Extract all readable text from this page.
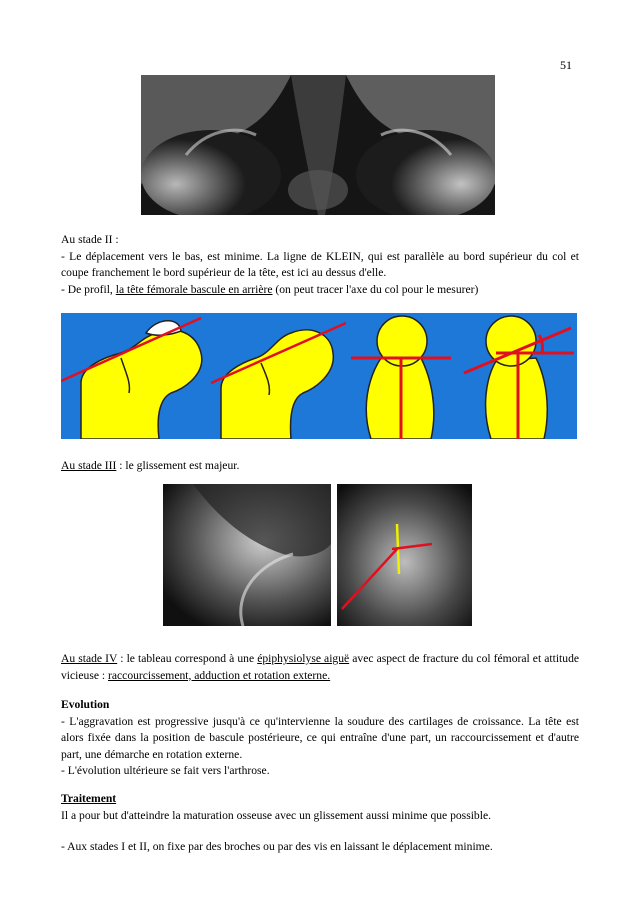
51
Au stade II :
- Le déplacement vers le bas, est minime. La ligne de KLEIN, qui est parallèle au bord supérieur du col et coupe franchement le bord supérieur de la tête, est ici au dessus d'elle.
- De profil, la tête fémorale bascule en arrière (on peut tracer l'axe du col pour le mesurer)
Au stade III : le glissement est majeur.
Au stade IV : le tableau correspond à une épiphysiolyse aiguë avec aspect de fracture du col fémoral et attitude vicieuse : raccourcissement, adduction et rotation externe.
Evolution
- L'aggravation est progressive jusqu'à ce qu'intervienne la soudure des cartilages de croissance. La tête est alors fixée dans la position de bascule postérieure, ce qui entraîne d'une part, un raccourcissement et d'autre part, une démarche en rotation externe.
- L'évolution ultérieure se fait vers l'arthrose.
Traitement
Il a pour but d'atteindre la maturation osseuse avec un glissement aussi minime que possible.
- Aux stades I et II, on fixe par des broches ou par des vis en laissant le déplacement minime.
